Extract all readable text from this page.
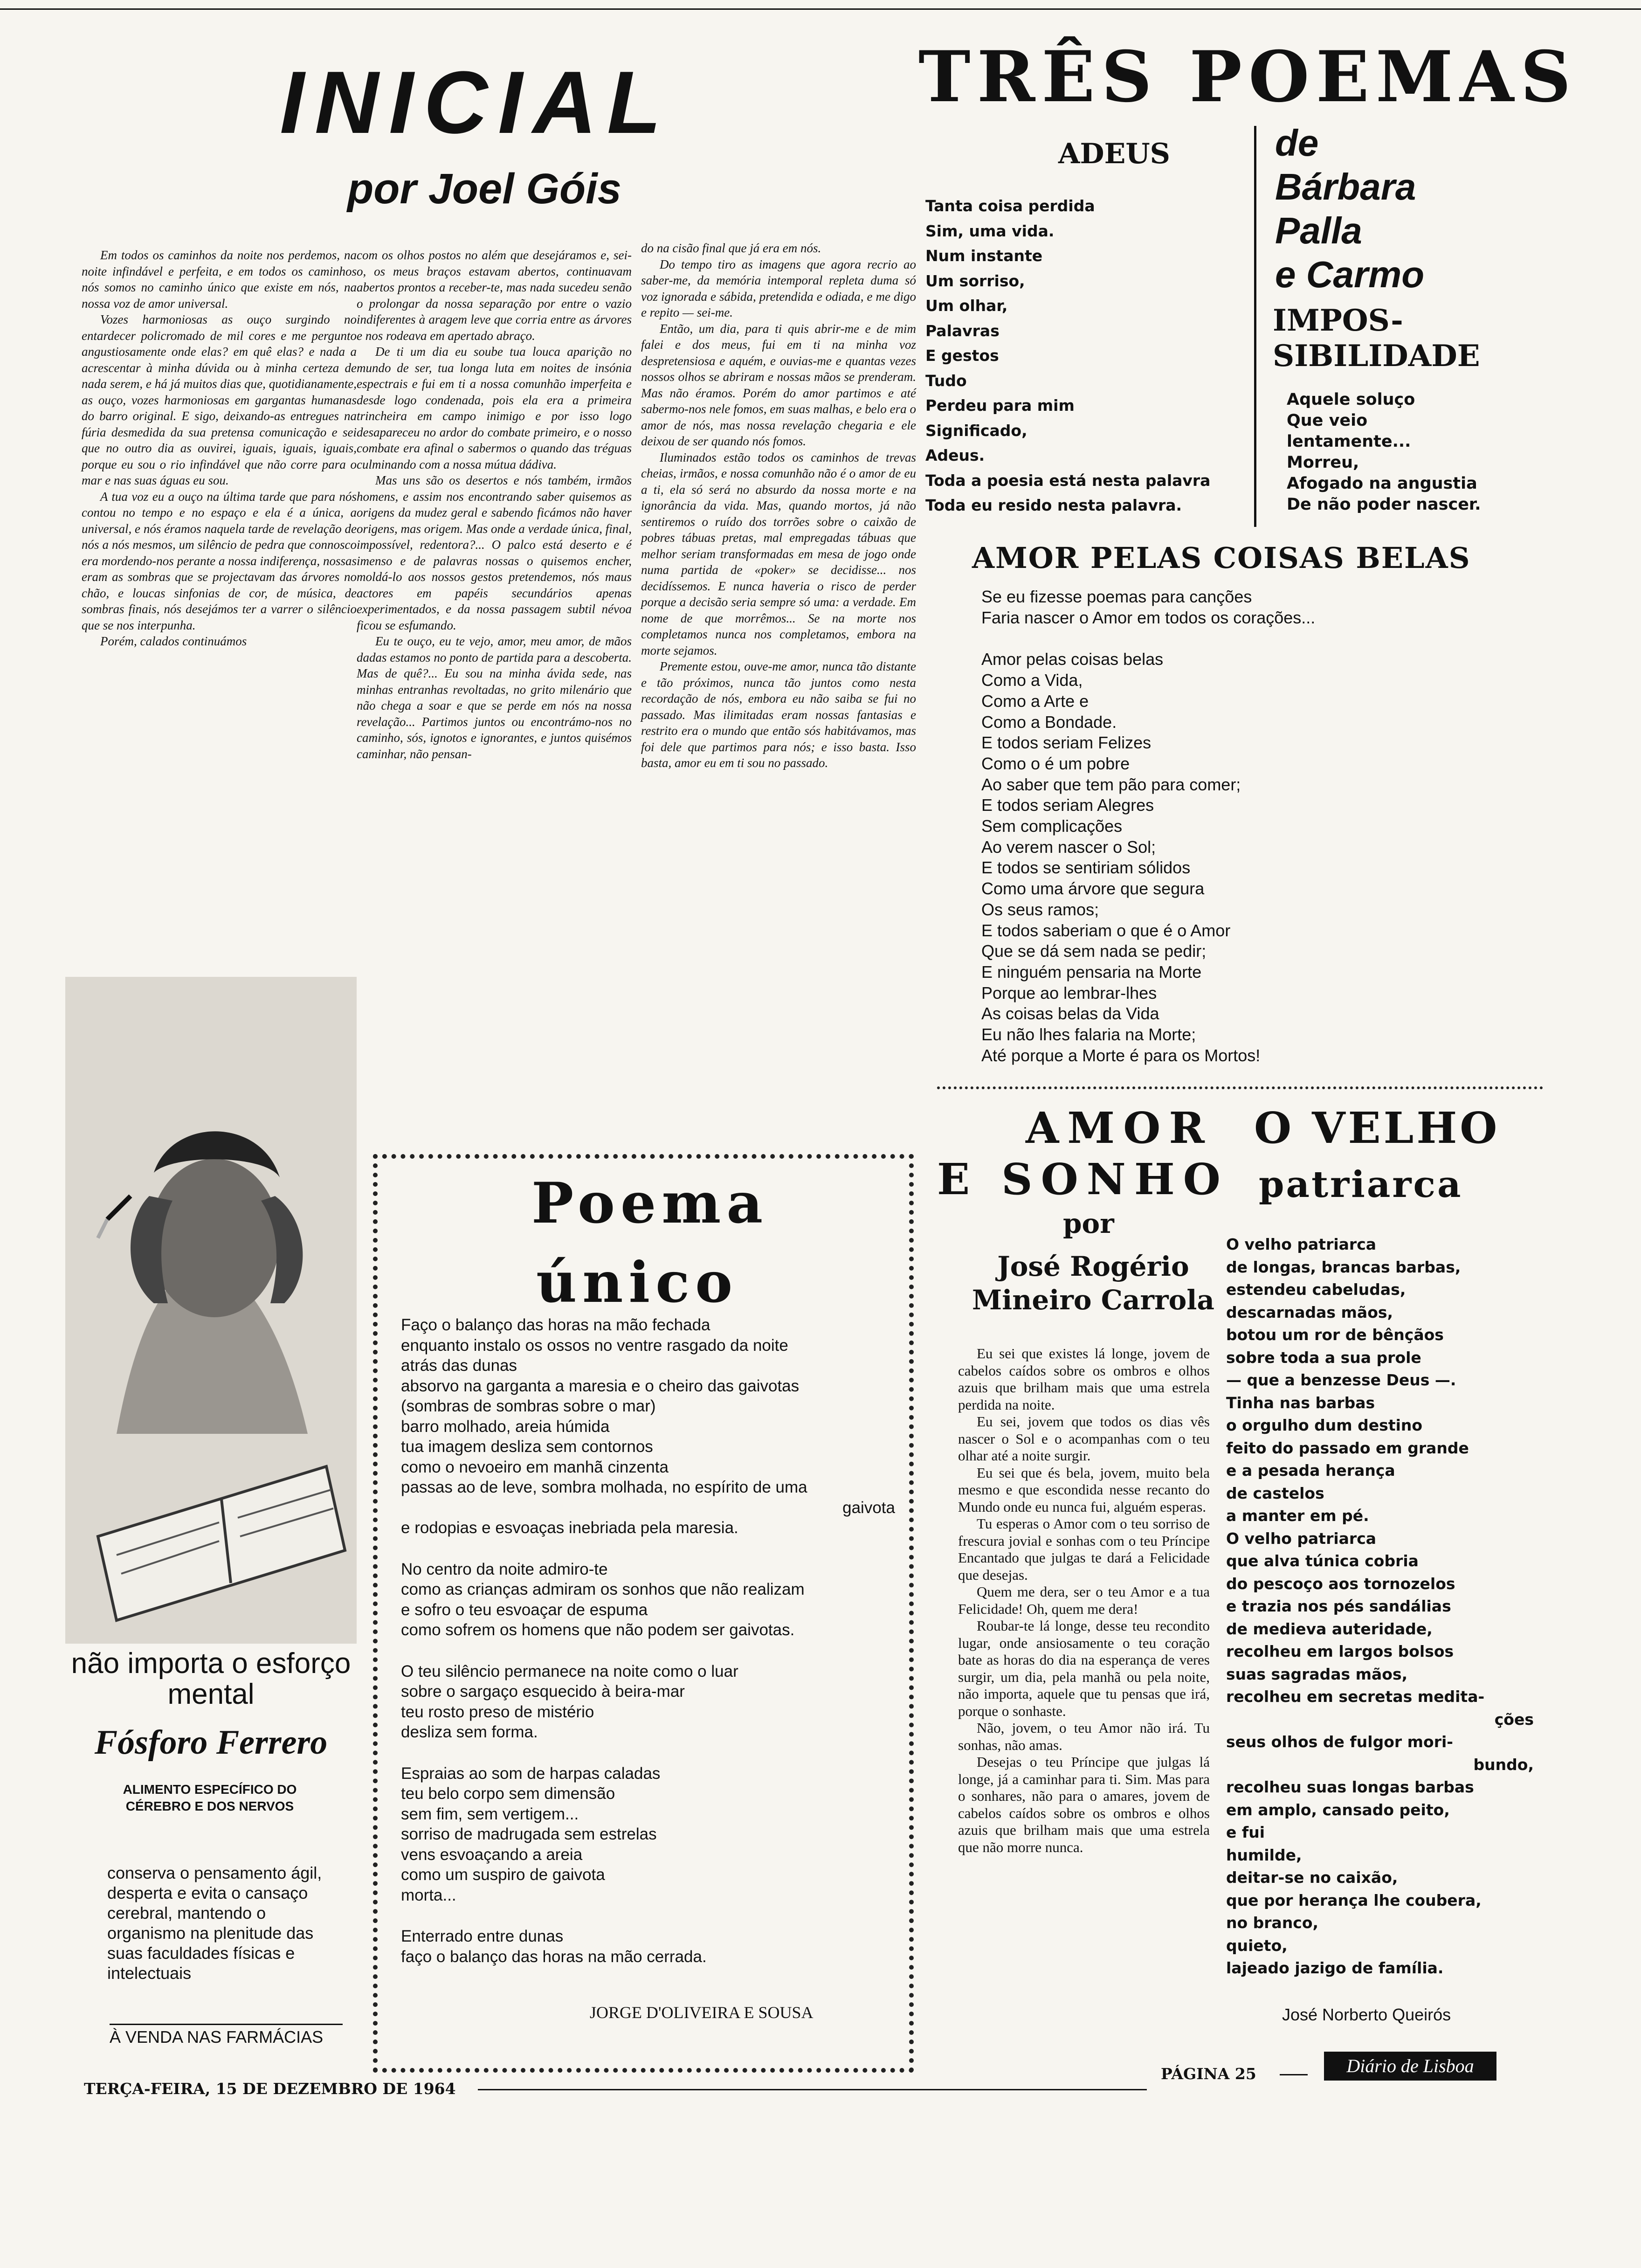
INICIAL
por Joel Góis

Em todos os caminhos da noite nos perdemos, na noite infindável e perfeita, e em todos os caminhos nós somos no caminho único que existe em nós, na nossa voz de amor universal.

Vozes harmoniosas as ouço surgindo no entardecer policromado de mil cores e me pergunto angustiosamente onde elas? em quê elas? e nada a acrescentar à minha dúvida ou à minha certeza de nada serem, e há já muitos dias que, quotidianamente, as ouço, vozes harmoniosas em gargantas humanas do barro original. E sigo, deixando-as entregues na fúria desmedida da sua pretensa comunicação e sei que no outro dia as ouvirei, iguais, iguais, iguais, porque eu sou o rio infindável que não corre para o mar e nas suas águas eu sou.

A tua voz eu a ouço na última tarde que para nós contou no tempo e no espaço e ela é a única, a universal, e nós éramos naquela tarde de revelação de nós a nós mesmos, um silêncio de pedra que connosco era mordendo-nos perante a nossa indiferença, nossas eram as sombras que se projectavam das árvores no chão, e loucas sinfonias de cor, de música, de sombras finais, nós desejámos ter a varrer o silêncio que se nos interpunha.

Porém, calados continuámos

com os olhos postos no além que desejáramos e, sei-o, os meus braços estavam abertos, continuavam abertos prontos a receber-te, mas nada sucedeu senão o prolongar da nossa separação por entre o vazio indiferentes à aragem leve que corria entre as árvores e nos rodeava em apertado abraço.

De ti um dia eu soube tua louca aparição no mundo de ser, tua longa luta em noites de insónia espectrais e fui em ti a nossa comunhão imperfeita e desde logo condenada, pois ela era a primeira trincheira em campo inimigo e por isso logo desapareceu no ardor do combate primeiro, e o nosso combate era afinal o sabermos o quando das tréguas culminando com a nossa mútua dádiva.

Mas uns são os desertos e nós também, irmãos homens, e assim nos encontrando saber quisemos as origens da mudez geral e sabendo ficámos não haver origens, mas origem. Mas onde a verdade única, final, impossível, redentora?... O palco está deserto e é imenso e de palavras nossas o quisemos encher, moldá-lo aos nossos gestos pretendemos, nós maus actores em papéis secundários apenas experimentados, e da nossa passagem subtil névoa ficou se esfumando.

Eu te ouço, eu te vejo, amor, meu amor, de mãos dadas estamos no ponto de partida para a descoberta. Mas de quê?... Eu sou na minha ávida sede, nas minhas entranhas revoltadas, no grito milenário que não chega a soar e que se perde em nós na nossa revelação... Partimos juntos ou encontrámo-nos no caminho, sós, ignotos e ignorantes, e juntos quisémos caminhar, não pensan-

do na cisão final que já era em nós.

Do tempo tiro as imagens que agora recrio ao saber-me, da memória intemporal repleta duma só voz ignorada e sábida, pretendida e odiada, e me digo e repito — sei-me.

Então, um dia, para ti quis abrir-me e de mim falei e dos meus, fui em ti na minha voz despretensiosa e aquém, e ouvias-me e quantas vezes nossos olhos se abriram e nossas mãos se prenderam. Mas não éramos. Porém do amor partimos e até sabermo-nos nele fomos, em suas malhas, e belo era o amor de nós, mas nossa revelação chegaria e ele deixou de ser quando nós fomos.

Iluminados estão todos os caminhos de trevas cheias, irmãos, e nossa comunhão não é o amor de eu a ti, ela só será no absurdo da nossa morte e na ignorância da vida. Mas, quando mortos, já não sentiremos o ruído dos torrões sobre o caixão de pobres tábuas pretas, mal empregadas tábuas que melhor seriam transformadas em mesa de jogo onde numa partida de «poker» se decidisse... nos decidíssemos. E nunca haveria o risco de perder porque a decisão seria sempre só uma: a verdade. Em nome de que morrêmos... Se na morte nos completamos nunca nos completamos, embora na morte sejamos.

Premente estou, ouve-me amor, nunca tão distante e tão próximos, nunca tão juntos como nesta recordação de nós, embora eu não saiba se fui no passado. Mas ilimitadas eram nossas fantasias e restrito era o mundo que então sós habitávamos, mas foi dele que partimos para nós; e isso basta. Isso basta, amor eu em ti sou no passado.

não importa o esforço mental
Fósforo Ferrero
ALIMENTO ESPECÍFICO DO CÉREBRO E DOS NERVOS
conserva o pensamento ágil, desperta e evita o cansaço cerebral, mantendo o organismo na plenitude das suas faculdades físicas e intelectuais
À VENDA NAS FARMÁCIAS
Poema
único
Faço o balanço das horas na mão fechada
enquanto instalo os ossos no ventre rasgado da noite
atrás das dunas
absorvo na garganta a maresia e o cheiro das gaivotas
(sombras de sombras sobre o mar)
barro molhado, areia húmida
tua imagem desliza sem contornos
como o nevoeiro em manhã cinzenta
passas ao de leve, sombra molhada, no espírito de uma
gaivota
e rodopias e esvoaças inebriada pela maresia.
No centro da noite admiro-te
como as crianças admiram os sonhos que não realizam
e sofro o teu esvoaçar de espuma
como sofrem os homens que não podem ser gaivotas.
O teu silêncio permanece na noite como o luar
sobre o sargaço esquecido à beira-mar
teu rosto preso de mistério
desliza sem forma.
Espraias ao som de harpas caladas
teu belo corpo sem dimensão
sem fim, sem vertigem...
sorriso de madrugada sem estrelas
vens esvoaçando a areia
como um suspiro de gaivota
morta...
Enterrado entre dunas
faço o balanço das horas na mão cerrada.
JORGE D'OLIVEIRA E SOUSA
TRÊS POEMAS
de
Bárbara
Palla
e Carmo
ADEUS
Tanta coisa perdida
Sim, uma vida.
Num instante
Um sorriso,
Um olhar,
Palavras
E gestos
Tudo
Perdeu para mim
Significado,
Adeus.
Toda a poesia está nesta palavra
Toda eu resido nesta palavra.
IMPOS-
SIBILIDADE
Aquele soluço
Que veio
lentamente...
Morreu,
Afogado na angustia
De não poder nascer.
AMOR PELAS COISAS BELAS
Se eu fizesse poemas para canções
Faria nascer o Amor em todos os corações...
Amor pelas coisas belas
Como a Vida,
Como a Arte e
Como a Bondade.
E todos seriam Felizes
Como o é um pobre
Ao saber que tem pão para comer;
E todos seriam Alegres
Sem complicações
Ao verem nascer o Sol;
E todos se sentiriam sólidos
Como uma árvore que segura
Os seus ramos;
E todos saberiam o que é o Amor
Que se dá sem nada se pedir;
E ninguém pensaria na Morte
Porque ao lembrar-lhes
As coisas belas da Vida
Eu não lhes falaria na Morte;
Até porque a Morte é para os Mortos!
AMOR
E SONHO
por
José Rogério
Mineiro Carrola

Eu sei que existes lá longe, jovem de cabelos caídos sobre os ombros e olhos azuis que brilham mais que uma estrela perdida na noite.

Eu sei, jovem que todos os dias vês nascer o Sol e o acompanhas com o teu olhar até a noite surgir.

Eu sei que és bela, jovem, muito bela mesmo e que escondida nesse recanto do Mundo onde eu nunca fui, alguém esperas.

Tu esperas o Amor com o teu sorriso de frescura jovial e sonhas com o teu Príncipe Encantado que julgas te dará a Felicidade que desejas.

Quem me dera, ser o teu Amor e a tua Felicidade! Oh, quem me dera!

Roubar-te lá longe, desse teu recondito lugar, onde ansiosamente o teu coração bate as horas do dia na esperança de veres surgir, um dia, pela manhã ou pela noite, não importa, aquele que tu pensas que irá, porque o sonhaste.

Não, jovem, o teu Amor não irá. Tu sonhas, não amas.

Desejas o teu Príncipe que julgas lá longe, já a caminhar para ti. Sim. Mas para o sonhares, não para o amares, jovem de cabelos caídos sobre os ombros e olhos azuis que brilham mais que uma estrela que não morre nunca.

O VELHO
patriarca
O velho patriarca
de longas, brancas barbas,
estendeu cabeludas,
descarnadas mãos,
botou um ror de bênçãos
sobre toda a sua prole
— que a benzesse Deus —.
Tinha nas barbas
o orgulho dum destino
feito do passado em grande
e a pesada herança
de castelos
a manter em pé.
O velho patriarca
que alva túnica cobria
do pescoço aos tornozelos
e trazia nos pés sandálias
de medieva auteridade,
recolheu em largos bolsos
suas sagradas mãos,
recolheu em secretas medita-
ções
seus olhos de fulgor mori-
bundo,
recolheu suas longas barbas
em amplo, cansado peito,
e fui
humilde,
deitar-se no caixão,
que por herança lhe coubera,
no branco,
quieto,
lajeado jazigo de família.
José Norberto Queirós
TERÇA-FEIRA, 15 DE DEZEMBRO DE 1964
PÁGINA 25	Diário de Lisboa
